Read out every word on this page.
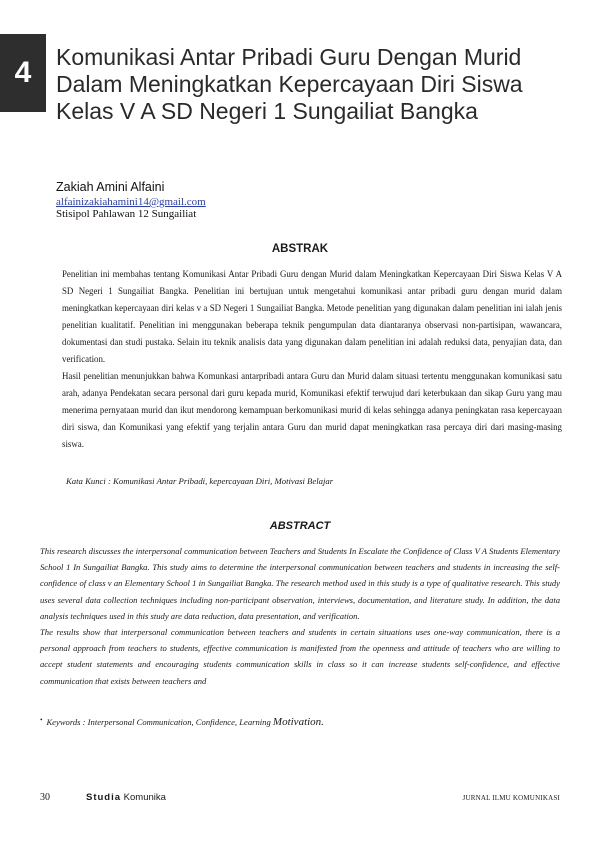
4	Komunikasi Antar Pribadi Guru Dengan Murid Dalam Meningkatkan Kepercayaan Diri Siswa Kelas V A SD Negeri 1 Sungailiat Bangka
Zakiah Amini Alfaini
alfainizakiahamini14@gmail.com
Stisipol Pahlawan 12 Sungailiat
ABSTRAK

Penelitian ini membahas tentang Komunikasi Antar Pribadi Guru dengan Murid dalam Meningkatkan Kepercayaan Diri Siswa Kelas V A SD Negeri 1 Sungailiat Bangka. Penelitian ini bertujuan untuk mengetahui komunikasi antar pribadi guru dengan murid dalam meningkatkan kepercayaan diri kelas v a SD Negeri 1 Sungailiat Bangka. Metode penelitian yang digunakan dalam penelitian ini ialah jenis penelitian kualitatif. Penelitian ini menggunakan beberapa teknik pengumpulan data diantaranya observasi non-partisipan, wawancara, dokumentasi dan studi pustaka. Selain itu teknik analisis data yang digunakan dalam penelitian ini adalah reduksi data, penyajian data, dan verification.

Hasil penelitian menunjukkan bahwa Komunkasi antarpribadi antara Guru dan Murid dalam situasi tertentu menggunakan komunikasi satu arah, adanya Pendekatan secara personal dari guru kepada murid, Komunikasi efektif terwujud dari keterbukaan dan sikap Guru yang mau menerima pernyataan murid dan ikut mendorong kemampuan berkomunikasi murid di kelas sehingga adanya peningkatan rasa kepercayaan diri siswa, dan Komunikasi yang efektif yang terjalin antara Guru dan murid dapat meningkatkan rasa percaya diri dari masing-masing siswa.

Kata Kunci : Komunikasi Antar Pribadi, kepercayaan Diri, Motivasi Belajar
ABSTRACT

This research discusses the interpersonal communication between Teachers and Students In Escalate the Confidence of Class V A Students Elementary School 1 In Sungailiat Bangka. This study aims to determine the interpersonal communication between teachers and students in increasing the self-confidence of class v an Elementary School 1 in Sungailiat Bangka. The research method used in this study is a type of qualitative research. This study uses several data collection techniques including non-participant observation, interviews, documentation, and literature study. In addition, the data analysis techniques used in this study are data reduction, data presentation, and verification.

The results show that interpersonal communication between teachers and students in certain situations uses one-way communication, there is a personal approach from teachers to students, effective communication is manifested from the openness and attitude of teachers who are willing to accept student statements and encouraging students communication skills in class so it can increase students self-confidence, and effective communication that exists between teachers and

• Keywords : Interpersonal Communication, Confidence, Learning Motivation.
30	Studia Komunika	JURNAL ILMU KOMUNIKASI
